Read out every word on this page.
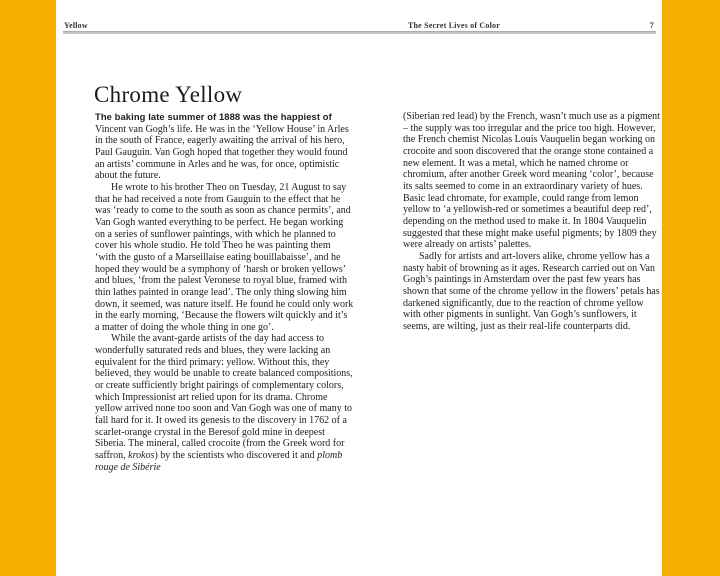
Yellow	The Secret Lives of Color	7
Chrome Yellow

The baking late summer of 1888 was the happiest of Vincent van Gogh’s life. He was in the ‘Yellow House’ in Arles in the south of France, eagerly awaiting the arrival of his hero, Paul Gauguin. Van Gogh hoped that together they would found an artists’ commune in Arles and he was, for once, optimistic about the future.

He wrote to his brother Theo on Tuesday, 21 August to say that he had received a note from Gauguin to the effect that he was ‘ready to come to the south as soon as chance permits’, and Van Gogh wanted everything to be perfect. He began working on a series of sunflower paintings, with which he planned to cover his whole studio. He told Theo he was painting them ‘with the gusto of a Marseillaise eating bouillabaisse’, and he hoped they would be a symphony of ‘harsh or broken yellows’ and blues, ‘from the palest Veronese to royal blue, framed with thin lathes painted in orange lead’. The only thing slowing him down, it seemed, was nature itself. He found he could only work in the early morning, ‘Because the flowers wilt quickly and it’s a matter of doing the whole thing in one go’.

While the avant-garde artists of the day had access to wonderfully saturated reds and blues, they were lacking an equivalent for the third primary: yellow. Without this, they believed, they would be unable to create balanced compositions, or create sufficiently bright pairings of complementary colors, which Impressionist art relied upon for its drama. Chrome yellow arrived none too soon and Van Gogh was one of many to fall hard for it. It owed its genesis to the discovery in 1762 of a scarlet-orange crystal in the Beresof gold mine in deepest Siberia. The mineral, called crocoite (from the Greek word for saffron, krokos) by the scientists who discovered it and plomb rouge de Sibérie

(Siberian red lead) by the French, wasn’t much use as a pigment – the supply was too irregular and the price too high. However, the French chemist Nicolas Louis Vauquelin began working on crocoite and soon discovered that the orange stone contained a new element. It was a metal, which he named chrome or chromium, after another Greek word meaning ‘color’, because its salts seemed to come in an extraordinary variety of hues. Basic lead chromate, for example, could range from lemon yellow to ‘a yellowish-red or sometimes a beautiful deep red’, depending on the method used to make it. In 1804 Vauquelin suggested that these might make useful pigments; by 1809 they were already on artists’ palettes.

Sadly for artists and art-lovers alike, chrome yellow has a nasty habit of browning as it ages. Research carried out on Van Gogh’s paintings in Amsterdam over the past few years has shown that some of the chrome yellow in the flowers’ petals has darkened significantly, due to the reaction of chrome yellow with other pigments in sunlight. Van Gogh’s sunflowers, it seems, are wilting, just as their real-life counterparts did.
